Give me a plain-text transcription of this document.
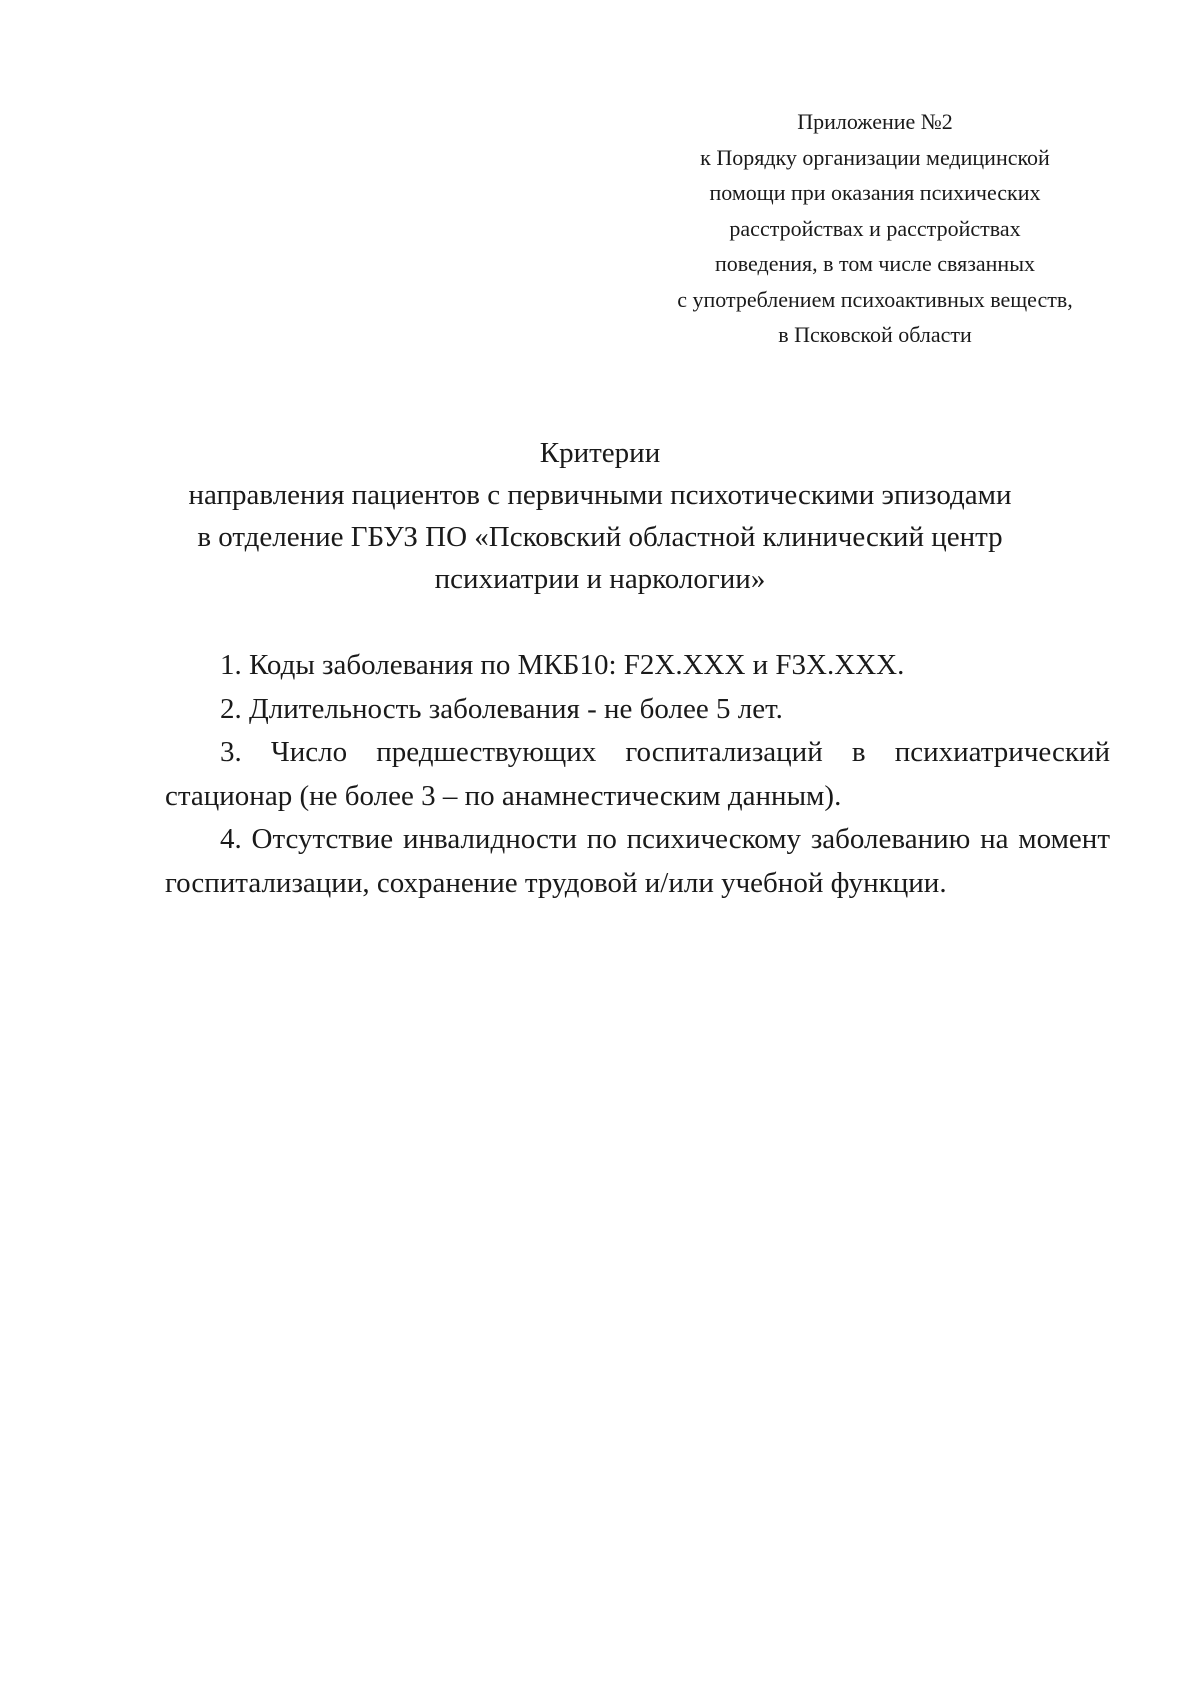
Приложение №2
к Порядку организации медицинской
помощи при оказания психических
расстройствах и расстройствах
поведения, в том числе связанных
с употреблением психоактивных веществ,
в Псковской области
Критерии
направления пациентов с первичными психотическими эпизодами
в отделение ГБУЗ ПО «Псковский областной клинический центр
психиатрии и наркологии»

1. Коды заболевания по МКБ10: F2X.XXX и F3X.XXX.

2. Длительность заболевания - не более 5 лет.

3. Число предшествующих госпитализаций в психиатрический стационар (не более 3 – по анамнестическим данным).

4. Отсутствие инвалидности по психическому заболеванию на момент госпитализации, сохранение трудовой и/или учебной функции.
